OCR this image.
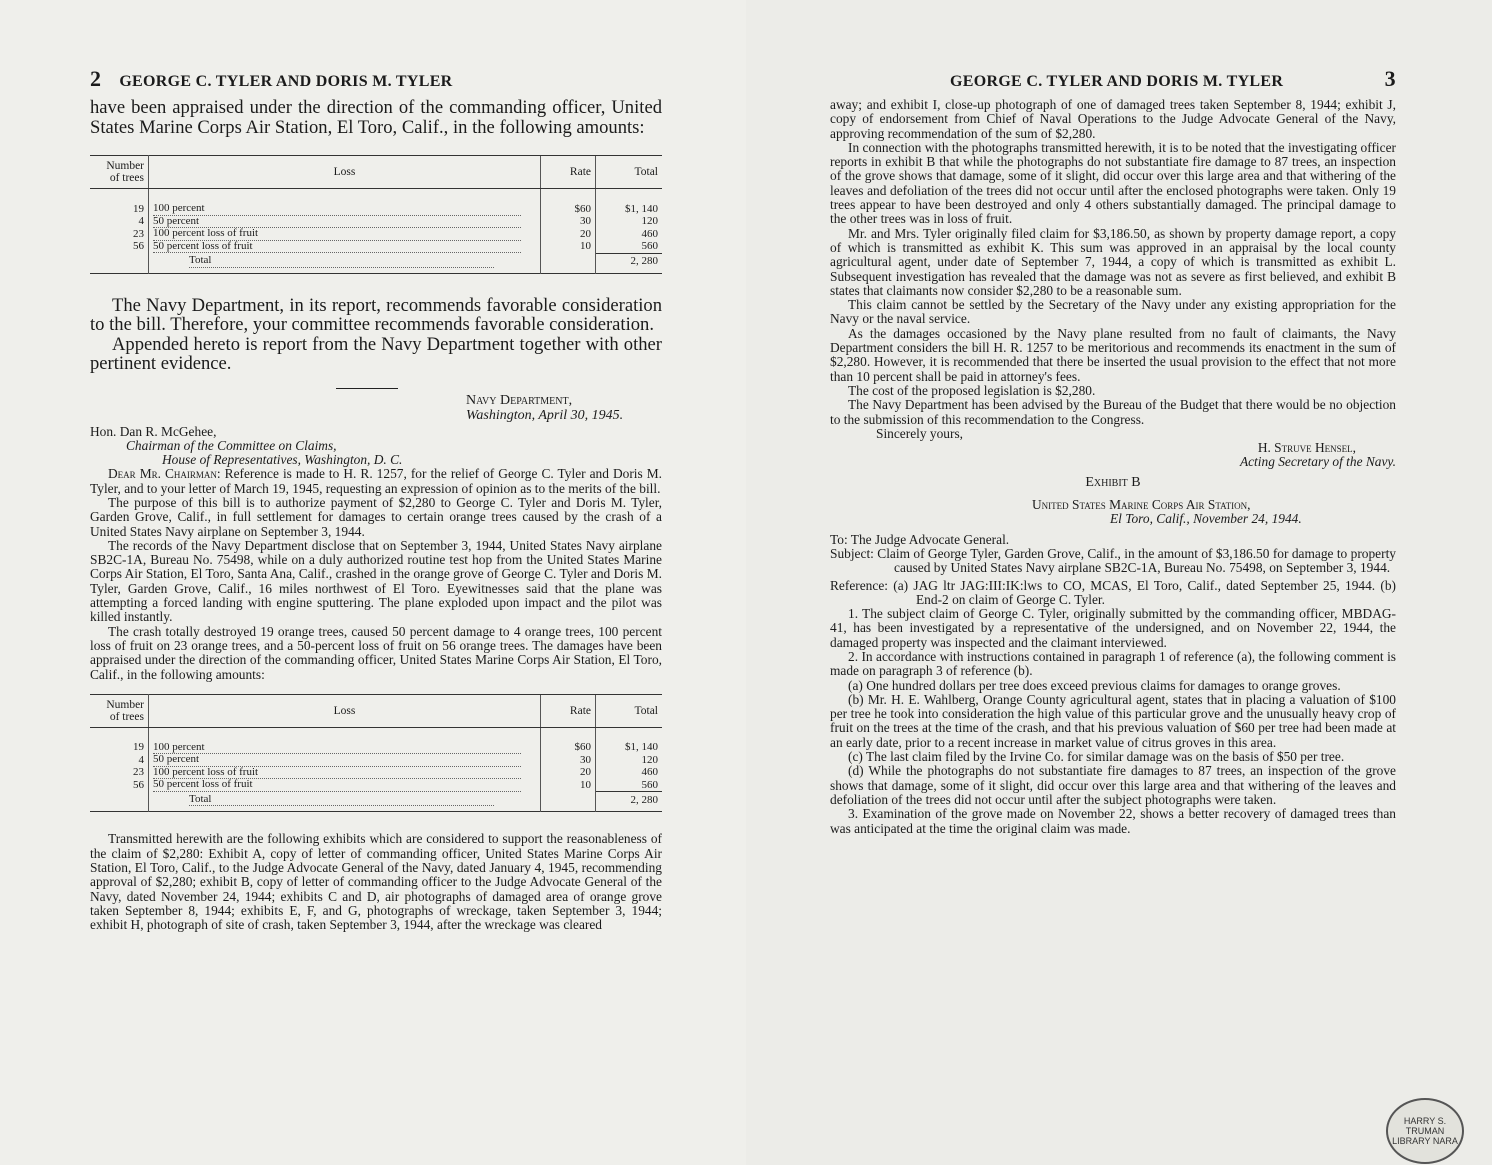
2 GEORGE C. TYLER AND DORIS M. TYLER

have been appraised under the direction of the commanding officer, United States Marine Corps Air Station, El Toro, Calif., in the following amounts:

Number of trees	Loss	Rate	Total

19	100 percent	$60	$1, 140
4	50 percent	30	120
23	100 percent loss of fruit	20	460
56	50 percent loss of fruit	10	560
	Total		2, 280

The Navy Department, in its report, recommends favorable consideration to the bill. Therefore, your committee recommends favorable consideration.

Appended hereto is report from the Navy Department together with other pertinent evidence.

Navy Department,
Washington, April 30, 1945.
Hon. Dan R. McGehee,
Chairman of the Committee on Claims,
House of Representatives, Washington, D. C.

Dear Mr. Chairman: Reference is made to H. R. 1257, for the relief of George C. Tyler and Doris M. Tyler, and to your letter of March 19, 1945, requesting an expression of opinion as to the merits of the bill.

The purpose of this bill is to authorize payment of $2,280 to George C. Tyler and Doris M. Tyler, Garden Grove, Calif., in full settlement for damages to certain orange trees caused by the crash of a United States Navy airplane on September 3, 1944.

The records of the Navy Department disclose that on September 3, 1944, United States Navy airplane SB2C-1A, Bureau No. 75498, while on a duly authorized routine test hop from the United States Marine Corps Air Station, El Toro, Santa Ana, Calif., crashed in the orange grove of George C. Tyler and Doris M. Tyler, Garden Grove, Calif., 16 miles northwest of El Toro. Eyewitnesses said that the plane was attempting a forced landing with engine sputtering. The plane exploded upon impact and the pilot was killed instantly.

The crash totally destroyed 19 orange trees, caused 50 percent damage to 4 orange trees, 100 percent loss of fruit on 23 orange trees, and a 50-percent loss of fruit on 56 orange trees. The damages have been appraised under the direction of the commanding officer, United States Marine Corps Air Station, El Toro, Calif., in the following amounts:

Number of trees	Loss	Rate	Total

19	100 percent	$60	$1, 140
4	50 percent	30	120
23	100 percent loss of fruit	20	460
56	50 percent loss of fruit	10	560
	Total		2, 280

Transmitted herewith are the following exhibits which are considered to support the reasonableness of the claim of $2,280: Exhibit A, copy of letter of commanding officer, United States Marine Corps Air Station, El Toro, Calif., to the Judge Advocate General of the Navy, dated January 4, 1945, recommending approval of $2,280; exhibit B, copy of letter of commanding officer to the Judge Advocate General of the Navy, dated November 24, 1944; exhibits C and D, air photographs of damaged area of orange grove taken September 8, 1944; exhibits E, F, and G, photographs of wreckage, taken September 3, 1944; exhibit H, photograph of site of crash, taken September 3, 1944, after the wreckage was cleared

GEORGE C. TYLER AND DORIS M. TYLER	3

away; and exhibit I, close-up photograph of one of damaged trees taken September 8, 1944; exhibit J, copy of endorsement from Chief of Naval Operations to the Judge Advocate General of the Navy, approving recommendation of the sum of $2,280.

In connection with the photographs transmitted herewith, it is to be noted that the investigating officer reports in exhibit B that while the photographs do not substantiate fire damage to 87 trees, an inspection of the grove shows that damage, some of it slight, did occur over this large area and that withering of the leaves and defoliation of the trees did not occur until after the enclosed photographs were taken. Only 19 trees appear to have been destroyed and only 4 others substantially damaged. The principal damage to the other trees was in loss of fruit.

Mr. and Mrs. Tyler originally filed claim for $3,186.50, as shown by property damage report, a copy of which is transmitted as exhibit K. This sum was approved in an appraisal by the local county agricultural agent, under date of September 7, 1944, a copy of which is transmitted as exhibit L. Subsequent investigation has revealed that the damage was not as severe as first believed, and exhibit B states that claimants now consider $2,280 to be a reasonable sum.

This claim cannot be settled by the Secretary of the Navy under any existing appropriation for the Navy or the naval service.

As the damages occasioned by the Navy plane resulted from no fault of claimants, the Navy Department considers the bill H. R. 1257 to be meritorious and recommends its enactment in the sum of $2,280. However, it is recommended that there be inserted the usual provision to the effect that not more than 10 percent shall be paid in attorney's fees.

The cost of the proposed legislation is $2,280.

The Navy Department has been advised by the Bureau of the Budget that there would be no objection to the submission of this recommendation to the Congress.

Sincerely yours,
H. Struve Hensel,
Acting Secretary of the Navy.
Exhibit B
United States Marine Corps Air Station,
El Toro, Calif., November 24, 1944.
To: The Judge Advocate General.

Subject: Claim of George Tyler, Garden Grove, Calif., in the amount of $3,186.50 for damage to property caused by United States Navy airplane SB2C-1A, Bureau No. 75498, on September 3, 1944.

Reference: (a) JAG ltr JAG:III:IK:lws to CO, MCAS, El Toro, Calif., dated September 25, 1944. (b) End-2 on claim of George C. Tyler.

1. The subject claim of George C. Tyler, originally submitted by the commanding officer, MBDAG-41, has been investigated by a representative of the undersigned, and on November 22, 1944, the damaged property was inspected and the claimant interviewed.

2. In accordance with instructions contained in paragraph 1 of reference (a), the following comment is made on paragraph 3 of reference (b).

(a) One hundred dollars per tree does exceed previous claims for damages to orange groves.

(b) Mr. H. E. Wahlberg, Orange County agricultural agent, states that in placing a valuation of $100 per tree he took into consideration the high value of this particular grove and the unusually heavy crop of fruit on the trees at the time of the crash, and that his previous valuation of $60 per tree had been made at an early date, prior to a recent increase in market value of citrus groves in this area.

(c) The last claim filed by the Irvine Co. for similar damage was on the basis of $50 per tree.

(d) While the photographs do not substantiate fire damages to 87 trees, an inspection of the grove shows that damage, some of it slight, did occur over this large area and that withering of the leaves and defoliation of the trees did not occur until after the subject photographs were taken.

3. Examination of the grove made on November 22, shows a better recovery of damaged trees than was anticipated at the time the original claim was made.

HARRY S. TRUMAN LIBRARY NARA
